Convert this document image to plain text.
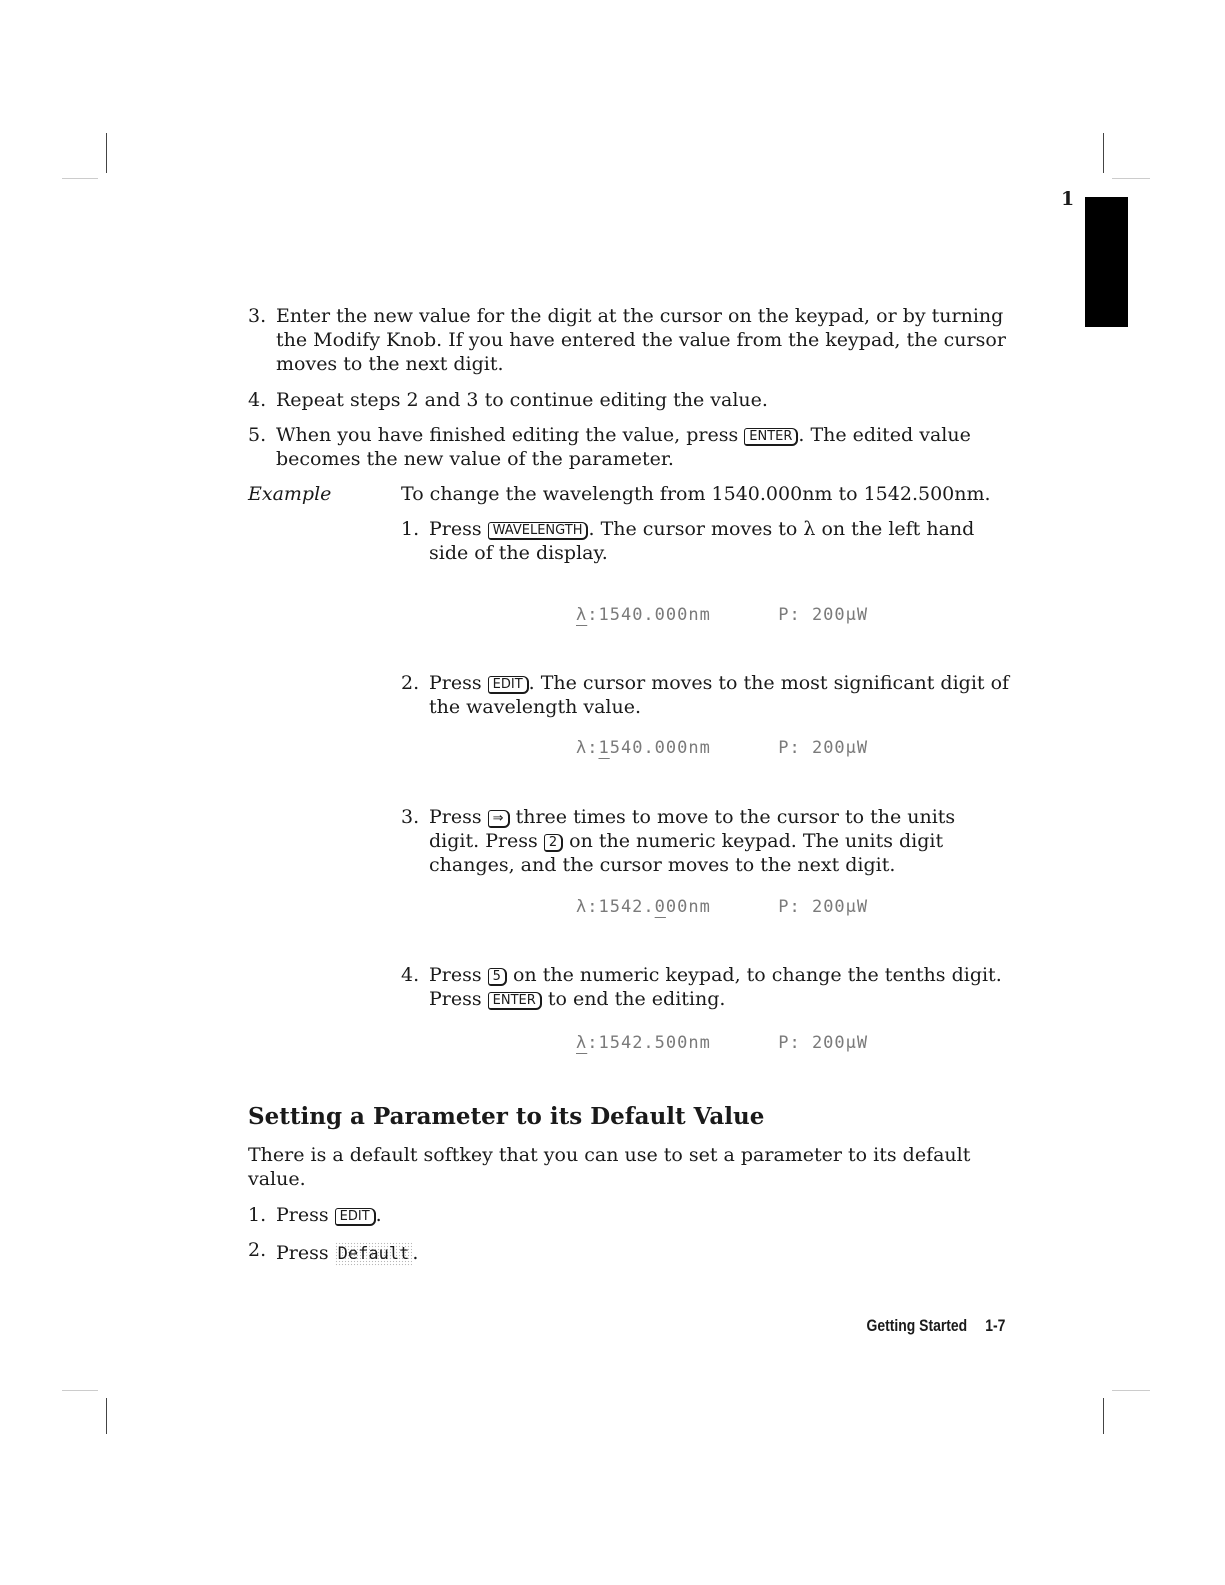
1
3. Enter the new value for the digit at the cursor on the keypad, or by turning
the Modify Knob. If you have entered the value from the keypad, the cursor
moves to the next digit.
4. Repeat steps 2 and 3 to continue editing the value.
5. When you have finished editing the value, press ENTER . The edited value
becomes the new value of the parameter.
Example	To change the wavelength from 1540.000nm to 1542.500nm.
1. Press WAVELENGTH . The cursor moves to λ on the left hand
side of the display.
λ:1540.000nm      P: 200μW
2. Press EDIT . The cursor moves to the most significant digit of
the wavelength value.
λ:1540.000nm      P: 200μW
3. Press ⇒ three times to move to the cursor to the units
digit. Press 2 on the numeric keypad. The units digit
changes, and the cursor moves to the next digit.
λ:1542.000nm      P: 200μW
4. Press 5 on the numeric keypad, to change the tenths digit.
Press ENTER to end the editing.
λ:1542.500nm      P: 200μW
Setting a Parameter to its Default Value
There is a default softkey that you can use to set a parameter to its default
value.
1. Press EDIT .
2. Press Default .
Getting Started 1-7
